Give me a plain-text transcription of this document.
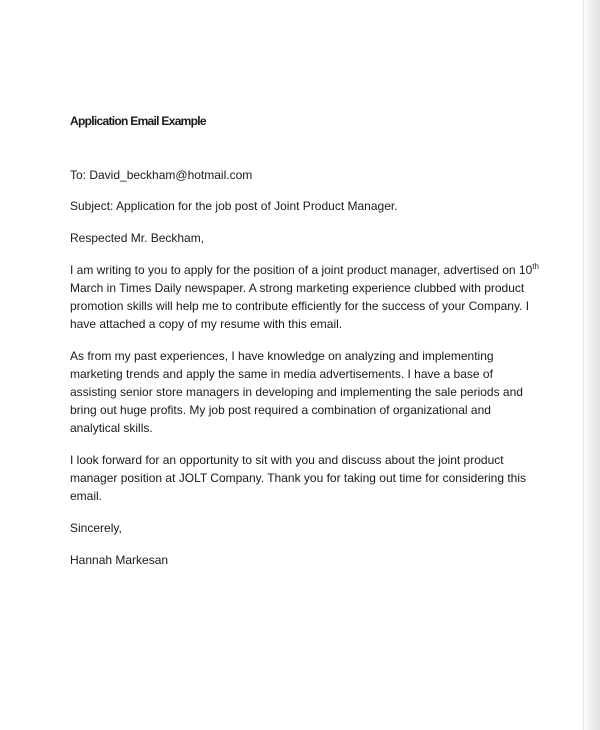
Application Email Example

To: David_beckham@hotmail.com

Subject: Application for the job post of Joint Product Manager.

Respected Mr. Beckham,

I am writing to you to apply for the position of a joint product manager, advertised on 10th March in Times Daily newspaper. A strong marketing experience clubbed with product promotion skills will help me to contribute efficiently for the success of your Company. I have attached a copy of my resume with this email.

As from my past experiences, I have knowledge on analyzing and implementing marketing trends and apply the same in media advertisements. I have a base of assisting senior store managers in developing and implementing the sale periods and bring out huge profits. My job post required a combination of organizational and analytical skills.

I look forward for an opportunity to sit with you and discuss about the joint product manager position at JOLT Company. Thank you for taking out time for considering this email.

Sincerely,

Hannah Markesan
